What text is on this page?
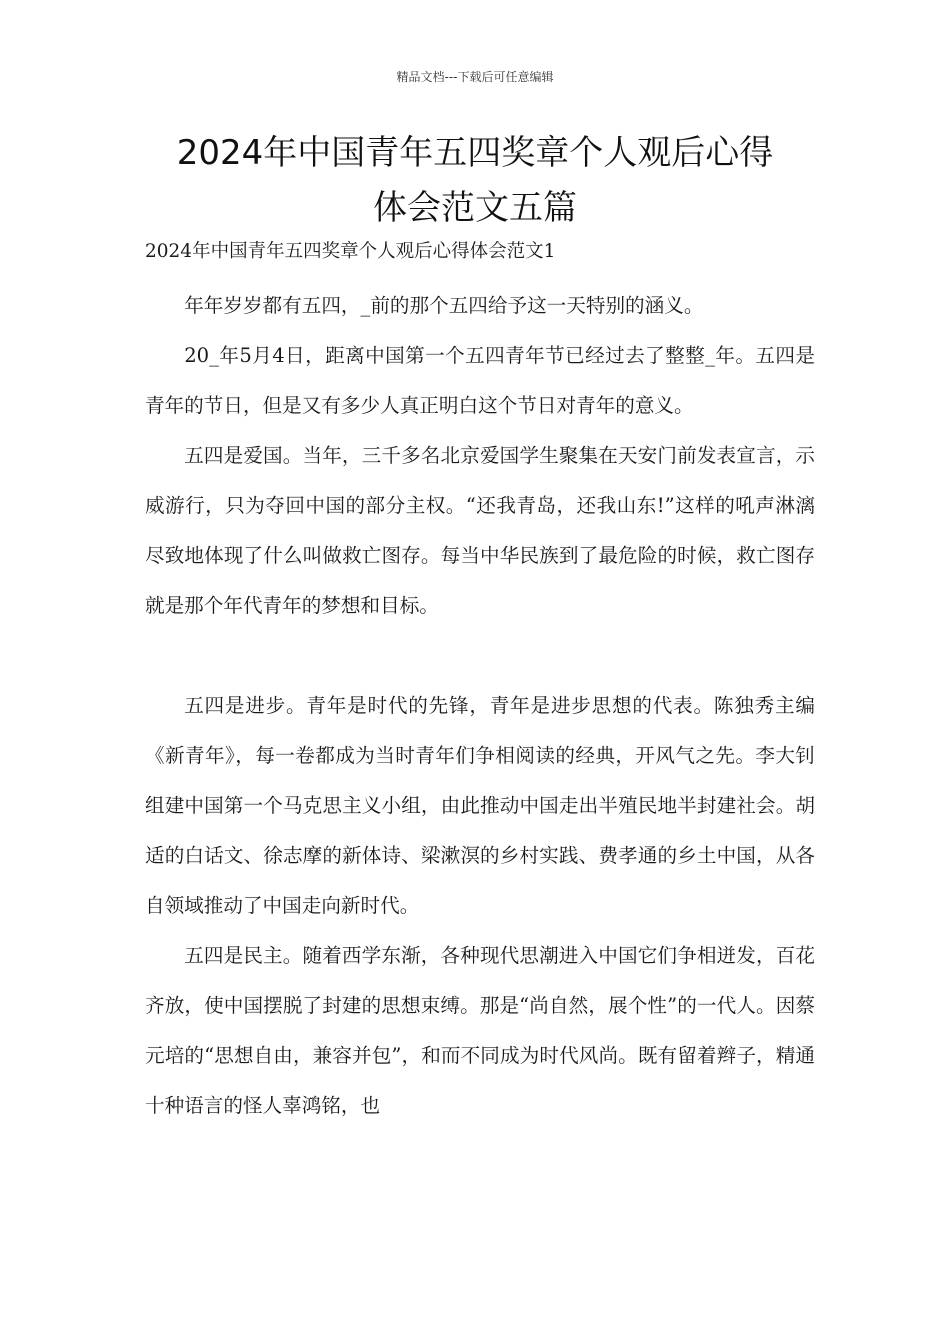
精品文档---下载后可任意编辑
2024年中国青年五四奖章个人观后心得
体会范文五篇
2024年中国青年五四奖章个人观后心得体会范文1

年年岁岁都有五四，_前的那个五四给予这一天特别的涵义。

20_年5月4日，距离中国第一个五四青年节已经过去了整整_年。五四是青年的节日，但是又有多少人真正明白这个节日对青年的意义。

五四是爱国。当年，三千多名北京爱国学生聚集在天安门前发表宣言，示威游行，只为夺回中国的部分主权。“还我青岛，还我山东!”这样的吼声淋漓尽致地体现了什么叫做救亡图存。每当中华民族到了最危险的时候，救亡图存就是那个年代青年的梦想和目标。

五四是进步。青年是时代的先锋，青年是进步思想的代表。陈独秀主编《新青年》，每一卷都成为当时青年们争相阅读的经典，开风气之先。李大钊组建中国第一个马克思主义小组，由此推动中国走出半殖民地半封建社会。胡适的白话文、徐志摩的新体诗、梁漱溟的乡村实践、费孝通的乡土中国，从各自领域推动了中国走向新时代。

五四是民主。随着西学东渐，各种现代思潮进入中国它们争相迸发，百花齐放，使中国摆脱了封建的思想束缚。那是“尚自然，展个性”的一代人。因蔡元培的“思想自由，兼容并包”，和而不同成为时代风尚。既有留着辫子，精通十种语言的怪人辜鸿铭，也
